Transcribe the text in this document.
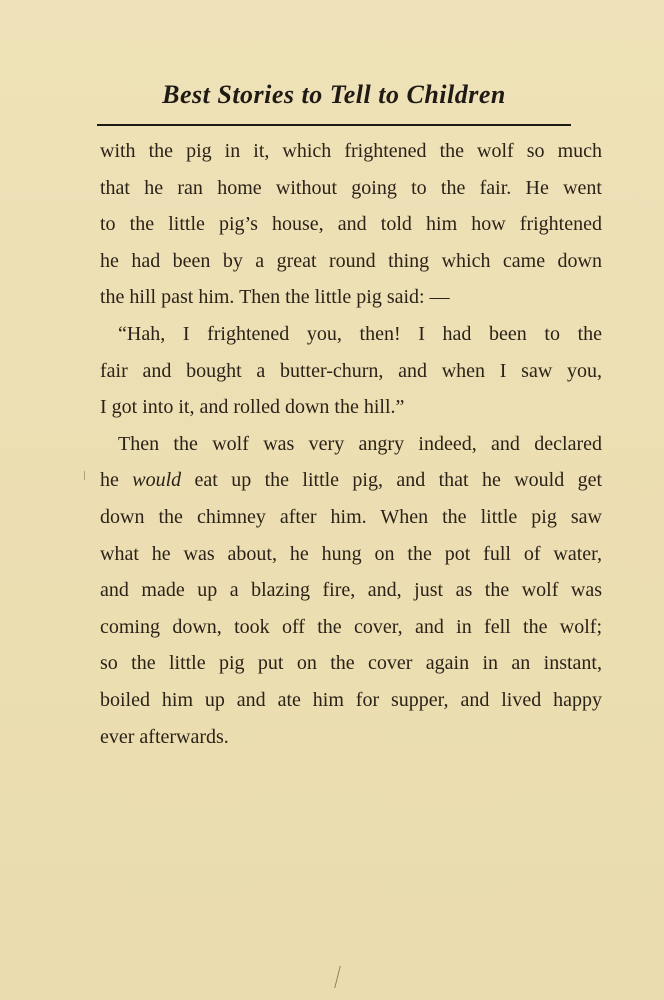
Best Stories to Tell to Children
with the pig in it, which frightened the wolf so much
that he ran home without going to the fair. He went
to the little pig’s house, and told him how frightened
he had been by a great round thing which came down
the hill past him. Then the little pig said: —
“Hah, I frightened you, then! I had been to the
fair and bought a butter-churn, and when I saw you,
I got into it, and rolled down the hill.”
Then the wolf was very angry indeed, and declared
he would eat up the little pig, and that he would get
down the chimney after him. When the little pig saw
what he was about, he hung on the pot full of water,
and made up a blazing fire, and, just as the wolf was
coming down, took off the cover, and in fell the wolf;
so the little pig put on the cover again in an instant,
boiled him up and ate him for supper, and lived happy
ever afterwards.
